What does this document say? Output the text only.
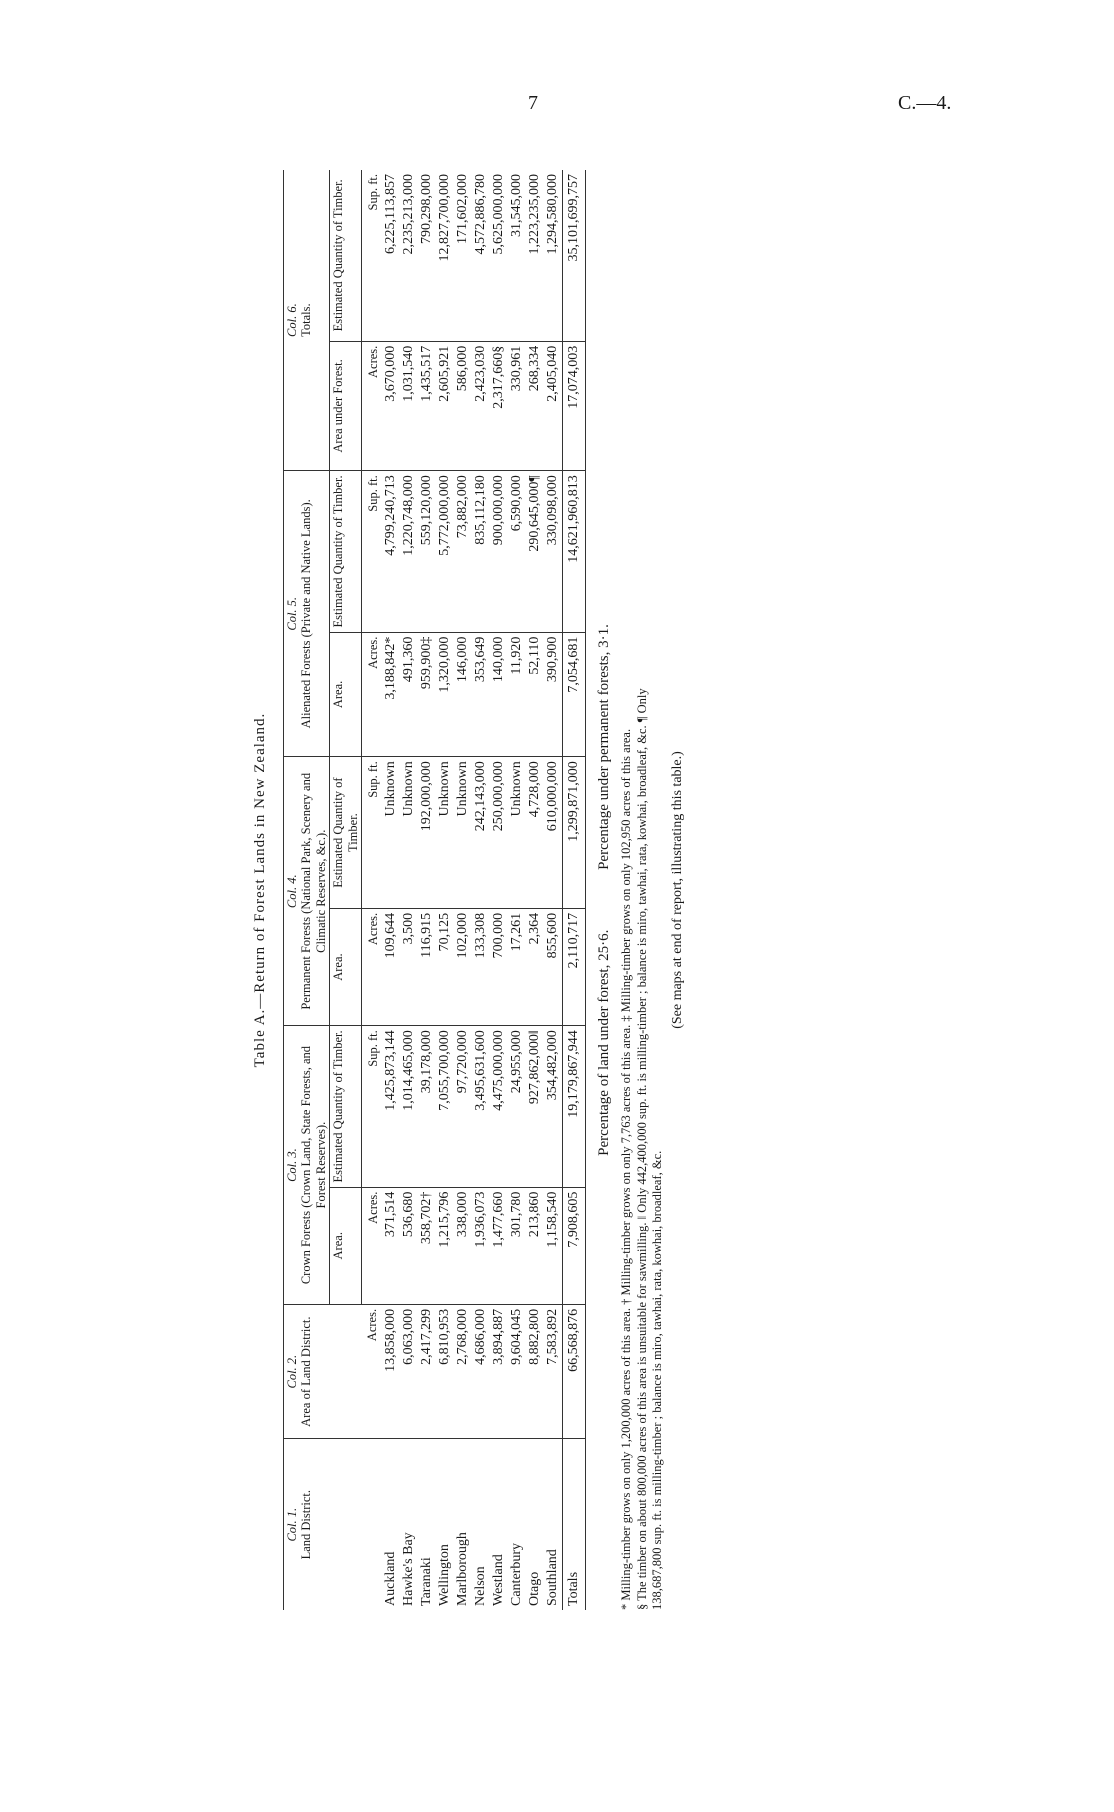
7	C.—4.
Table A.—Return of Forest Lands in New Zealand.
Col. 1.
Land District.	Col. 2.
Area of Land District.	Col. 3.
Crown Forests (Crown Land, State Forests, and Forest Reserves).		Col. 4.
Permanent Forests (National Park, Scenery and Climatic Reserves, &c.).		Col. 5.
Alienated Forests (Private and Native Lands).		Col. 6.
Totals.	
		Area.	Estimated Quantity of Timber.	Area.	Estimated Quantity of Timber.	Area.	Estimated Quantity of Timber.	Area under Forest.	Estimated Quantity of Timber.
	Acres.	Acres.	Sup. ft.	Acres.	Sup. ft.	Acres.	Sup. ft.	Acres.	Sup. ft.
Auckland	13,858,000	371,514	1,425,873,144	109,644	Unknown	3,188,842*	4,799,240,713	3,670,000	6,225,113,857
Hawke's Bay	6,063,000	536,680	1,014,465,000	3,500	Unknown	491,360	1,220,748,000	1,031,540	2,235,213,000
Taranaki	2,417,299	358,702†	39,178,000	116,915	192,000,000	959,900‡	559,120,000	1,435,517	790,298,000
Wellington	6,810,953	1,215,796	7,055,700,000	70,125	Unknown	1,320,000	5,772,000,000	2,605,921	12,827,700,000
Marlborough	2,768,000	338,000	97,720,000	102,000	Unknown	146,000	73,882,000	586,000	171,602,000
Nelson	4,686,000	1,936,073	3,495,631,600	133,308	242,143,000	353,649	835,112,180	2,423,030	4,572,886,780
Westland	3,894,887	1,477,660	4,475,000,000	700,000	250,000,000	140,000	900,000,000	2,317,660§	5,625,000,000
Canterbury	9,604,045	301,780	24,955,000	17,261	Unknown	11,920	6,590,000	330,961	31,545,000
Otago	8,882,800	213,860	927,862,000‖	2,364	4,728,000	52,110	290,645,000¶	268,334	1,223,235,000
Southland	7,583,892	1,158,540	354,482,000	855,600	610,000,000	390,900	330,098,000	2,405,040	1,294,580,000
Totals	66,568,876	7,908,605	19,179,867,944	2,110,717	1,299,871,000	7,054,681	14,621,960,813	17,074,003	35,101,699,757
Percentage of land under forest, 25·6. Percentage under permanent forests, 3·1. * Milling-timber grows on only 1,200,000 acres of this area. † Milling-timber grows on only 7,763 acres of this area. ‡ Milling-timber grows on only 102,950 acres of this area. § The timber on about 800,000 acres of this area is unsuitable for sawmilling. ‖ Only 442,400,000 sup. ft. is milling-timber ; balance is miro, tawhai, rata, kowhai, broadleaf, &c. ¶ Only 138,687,800 sup. ft. is milling-timber ; balance is miro, tawhai, rata, kowhai, broadleaf, &c.
(See maps at end of report, illustrating this table.)
